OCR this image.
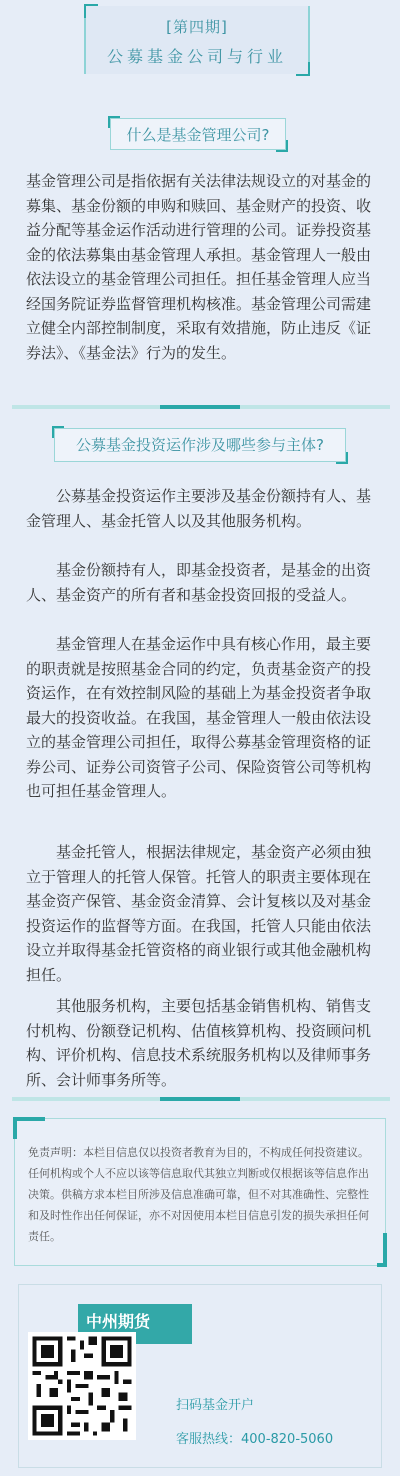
[第四期]
公募基金公司与行业
什么是基金管理公司?
基金管理公司是指依据有关法律法规设立的对基金的募集、基金份额的申购和赎回、基金财产的投资、收益分配等基金运作活动进行管理的公司。证券投资基金的依法募集由基金管理人承担。基金管理人一般由依法设立的基金管理公司担任。担任基金管理人应当经国务院证券监督管理机构核准。基金管理公司需建立健全内部控制制度，采取有效措施，防止违反《证券法》、《基金法》行为的发生。
公募基金投资运作涉及哪些参与主体?
公募基金投资运作主要涉及基金份额持有人、基金管理人、基金托管人以及其他服务机构。
基金份额持有人，即基金投资者，是基金的出资人、基金资产的所有者和基金投资回报的受益人。
基金管理人在基金运作中具有核心作用，最主要的职责就是按照基金合同的约定，负责基金资产的投资运作，在有效控制风险的基础上为基金投资者争取最大的投资收益。在我国，基金管理人一般由依法设立的基金管理公司担任，取得公募基金管理资格的证券公司、证券公司资管子公司、保险资管公司等机构也可担任基金管理人。
基金托管人，根据法律规定，基金资产必须由独立于管理人的托管人保管。托管人的职责主要体现在基金资产保管、基金资金清算、会计复核以及对基金投资运作的监督等方面。在我国，托管人只能由依法设立并取得基金托管资格的商业银行或其他金融机构担任。
其他服务机构，主要包括基金销售机构、销售支付机构、份额登记机构、估值核算机构、投资顾问机构、评价机构、信息技术系统服务机构以及律师事务所、会计师事务所等。
免责声明：本栏目信息仅以投资者教育为目的，不构成任何投资建议。任何机构或个人不应以该等信息取代其独立判断或仅根据该等信息作出决策。供稿方求本栏目所涉及信息准确可靠，但不对其准确性、完整性和及时性作出任何保证，亦不对因使用本栏目信息引发的损失承担任何责任。
中州期货
扫码基金开户
客服热线：400-820-5060
